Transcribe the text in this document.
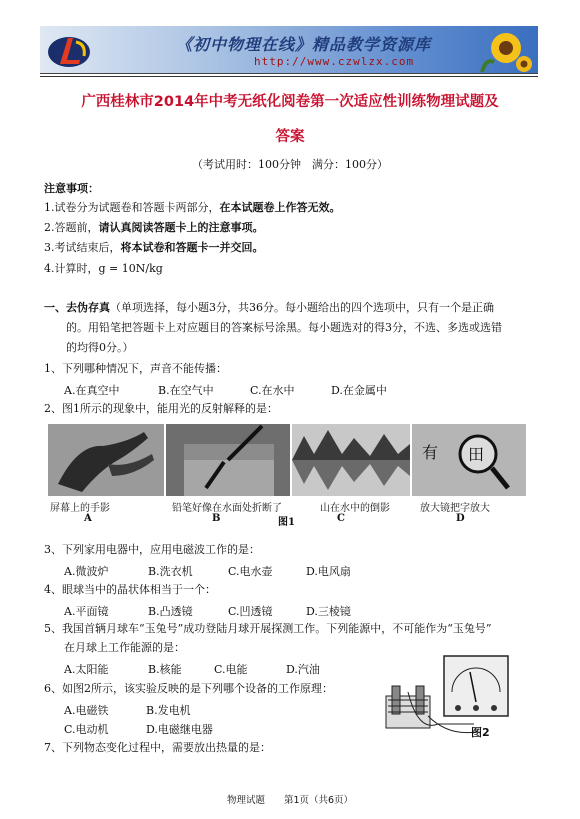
《初中物理在线》精品教学资源库
http://www.czwlzx.com
广西桂林市2014年中考无纸化阅卷第一次适应性训练物理试题及
答案
（考试用时：100分钟　满分：100分）
注意事项：
1.试卷分为试题卷和答题卡两部分，在本试题卷上作答无效。
2.答题前，请认真阅读答题卡上的注意事项。
3.考试结束后，将本试卷和答题卡一并交回。
4.计算时，g = 10N/kg
一、去伪存真（单项选择，每小题3分，共36分。每小题给出的四个选项中，只有一个是正确
的。用铅笔把答题卡上对应题目的答案标号涂黑。每小题选对的得3分，不选、多选或选错
的均得0分。）
1、下列哪种情况下，声音不能传播：
A.在真空中	B.在空气中	C.在水中	D.在金属中
2、图1所示的现象中，能用光的反射解释的是：
有 田
屏幕上的手影	铅笔好像在水面处折断了	山在水中的倒影	放大镜把字放大
A	B	图1	C	D
3、下列家用电器中，应用电磁波工作的是：
A.微波炉	B.洗衣机	C.电水壶	D.电风扇
4、眼球当中的晶状体相当于一个：
A.平面镜	B.凸透镜	C.凹透镜	D.三棱镜
5、我国首辆月球车“玉兔号”成功登陆月球开展探测工作。下列能源中，不可能作为“玉兔号”
在月球上工作能源的是：
A.太阳能	B.核能	C.电能	D.汽油
6、如图2所示，该实验反映的是下列哪个设备的工作原理：
A.电磁铁	B.发电机
C.电动机	D.电磁继电器	图2
7、下列物态变化过程中，需要放出热量的是：
物理试题　　第1页（共6页）
